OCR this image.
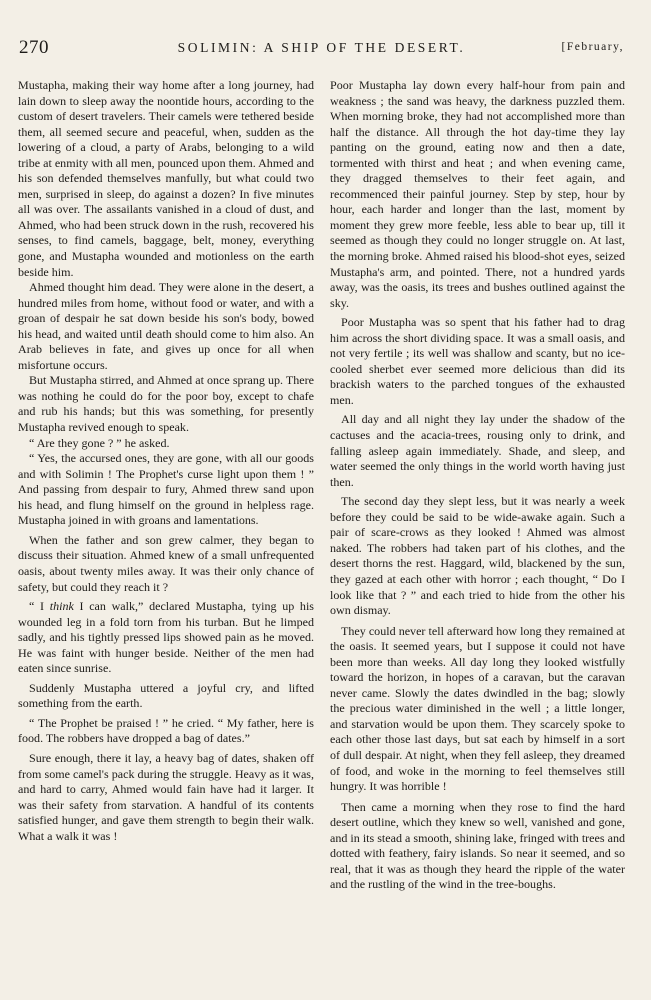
270	SOLIMIN: A SHIP OF THE DESERT.	[February,

Mustapha, making their way home after a long journey, had lain down to sleep away the noontide hours, according to the custom of desert travelers. Their camels were tethered beside them, all seemed secure and peaceful, when, sudden as the lowering of a cloud, a party of Arabs, belonging to a wild tribe at enmity with all men, pounced upon them. Ahmed and his son defended themselves manfully, but what could two men, surprised in sleep, do against a dozen? In five minutes all was over. The assailants vanished in a cloud of dust, and Ahmed, who had been struck down in the rush, recovered his senses, to find camels, baggage, belt, money, everything gone, and Mustapha wounded and motionless on the earth beside him.

Ahmed thought him dead. They were alone in the desert, a hundred miles from home, without food or water, and with a groan of despair he sat down beside his son's body, bowed his head, and waited until death should come to him also. An Arab believes in fate, and gives up once for all when misfortune occurs.

But Mustapha stirred, and Ahmed at once sprang up. There was nothing he could do for the poor boy, except to chafe and rub his hands; but this was something, for presently Mustapha revived enough to speak.

“ Are they gone ? ” he asked.

“ Yes, the accursed ones, they are gone, with all our goods and with Solimin ! The Prophet's curse light upon them ! ” And passing from despair to fury, Ahmed threw sand upon his head, and flung himself on the ground in helpless rage. Mustapha joined in with groans and lamentations.

When the father and son grew calmer, they began to discuss their situation. Ahmed knew of a small unfrequented oasis, about twenty miles away. It was their only chance of safety, but could they reach it ?

“ I think I can walk,” declared Mustapha, tying up his wounded leg in a fold torn from his turban. But he limped sadly, and his tightly pressed lips showed pain as he moved. He was faint with hunger beside. Neither of the men had eaten since sunrise.

Suddenly Mustapha uttered a joyful cry, and lifted something from the earth.

“ The Prophet be praised ! ” he cried. “ My father, here is food. The robbers have dropped a bag of dates.”

Sure enough, there it lay, a heavy bag of dates, shaken off from some camel's pack during the struggle. Heavy as it was, and hard to carry, Ahmed would fain have had it larger. It was their safety from starvation. A handful of its contents satisfied hunger, and gave them strength to begin their walk. What a walk it was !

Poor Mustapha lay down every half-hour from pain and weakness ; the sand was heavy, the darkness puzzled them. When morning broke, they had not accomplished more than half the distance. All through the hot day-time they lay panting on the ground, eating now and then a date, tormented with thirst and heat ; and when evening came, they dragged themselves to their feet again, and recommenced their painful journey. Step by step, hour by hour, each harder and longer than the last, moment by moment they grew more feeble, less able to bear up, till it seemed as though they could no longer struggle on. At last, the morning broke. Ahmed raised his blood-shot eyes, seized Mustapha's arm, and pointed. There, not a hundred yards away, was the oasis, its trees and bushes outlined against the sky.

Poor Mustapha was so spent that his father had to drag him across the short dividing space. It was a small oasis, and not very fertile ; its well was shallow and scanty, but no ice-cooled sherbet ever seemed more delicious than did its brackish waters to the parched tongues of the exhausted men.

All day and all night they lay under the shadow of the cactuses and the acacia-trees, rousing only to drink, and falling asleep again immediately. Shade, and sleep, and water seemed the only things in the world worth having just then.

The second day they slept less, but it was nearly a week before they could be said to be wide-awake again. Such a pair of scare-crows as they looked ! Ahmed was almost naked. The robbers had taken part of his clothes, and the desert thorns the rest. Haggard, wild, blackened by the sun, they gazed at each other with horror ; each thought, “ Do I look like that ? ” and each tried to hide from the other his own dismay.

They could never tell afterward how long they remained at the oasis. It seemed years, but I suppose it could not have been more than weeks. All day long they looked wistfully toward the horizon, in hopes of a caravan, but the caravan never came. Slowly the dates dwindled in the bag; slowly the precious water diminished in the well ; a little longer, and starvation would be upon them. They scarcely spoke to each other those last days, but sat each by himself in a sort of dull despair. At night, when they fell asleep, they dreamed of food, and woke in the morning to feel themselves still hungry. It was horrible !

Then came a morning when they rose to find the hard desert outline, which they knew so well, vanished and gone, and in its stead a smooth, shining lake, fringed with trees and dotted with feathery, fairy islands. So near it seemed, and so real, that it was as though they heard the ripple of the water and the rustling of the wind in the tree-boughs.
